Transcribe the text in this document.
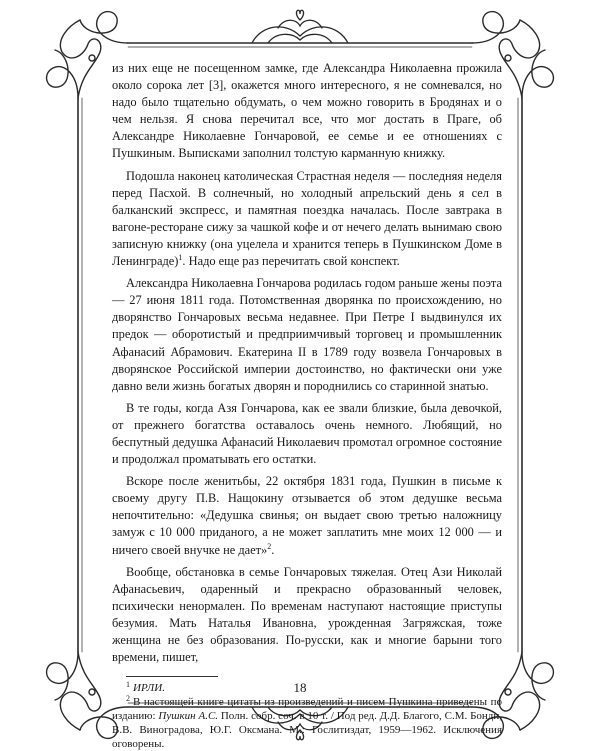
из них еще не посещенном замке, где Александра Николаевна прожила около сорока лет [3], окажется много интересного, я не сомневался, но надо было тщательно обдумать, о чем можно говорить в Бродянах и о чем нельзя. Я снова перечитал все, что мог достать в Праге, об Александре Николаевне Гончаровой, ее семье и ее отношениях с Пушкиным. Выписками заполнил толстую карманную книжку.

Подошла наконец католическая Страстная неделя — последняя неделя перед Пасхой. В солнечный, но холодный апрельский день я сел в балканский экспресс, и памятная поездка началась. После завтрака в вагоне-ресторане сижу за чашкой кофе и от нечего делать вынимаю свою записную книжку (она уцелела и хранится теперь в Пушкинском Доме в Ленинграде)$^1$. Надо еще раз перечитать свой конспект.

Александра Николаевна Гончарова родилась годом раньше жены поэта — 27 июня 1811 года. Потомственная дворянка по происхождению, но дворянство Гончаровых весьма недавнее. При Петре I выдвинулся их предок — оборотистый и предприимчивый торговец и промышленник Афанасий Абрамович. Екатерина II в 1789 году возвела Гончаровых в дворянское Российской империи достоинство, но фактически они уже давно вели жизнь богатых дворян и породнились со старинной знатью.

В те годы, когда Азя Гончарова, как ее звали близкие, была девочкой, от прежнего богатства оставалось очень немного. Любящий, но беспутный дедушка Афанасий Николаевич промотал огромное состояние и продолжал проматывать его остатки.

Вскоре после женитьбы, 22 октября 1831 года, Пушкин в письме к своему другу П.В. Нащокину отзывается об этом дедушке весьма непочтительно: «Дедушка свинья; он выдает свою третью наложницу замуж с 10 000 приданого, а не может заплатить мне моих 12 000 — и ничего своей внучке не дает»$^2$.

Вообще, обстановка в семье Гончаровых тяжелая. Отец Ази Николай Афанасьевич, одаренный и прекрасно образованный человек, психически ненормален. По временам наступают настоящие приступы безумия. Мать Наталья Ивановна, урожденная Загряжская, тоже женщина не без образования. По-русски, как и многие барыни того времени, пишет,

$^1$ ИРЛИ.

$^2$ В настоящей книге цитаты из произведений и писем Пушкина приведены по изданию: Пушкин А.С. Полн. собр. соч. в 10 т. / Под ред. Д.Д. Благого, С.М. Бонди, В.В. Виноградова, Ю.Г. Оксмана. М.: Гослитиздат, 1959—1962. Исключения оговорены.

18
